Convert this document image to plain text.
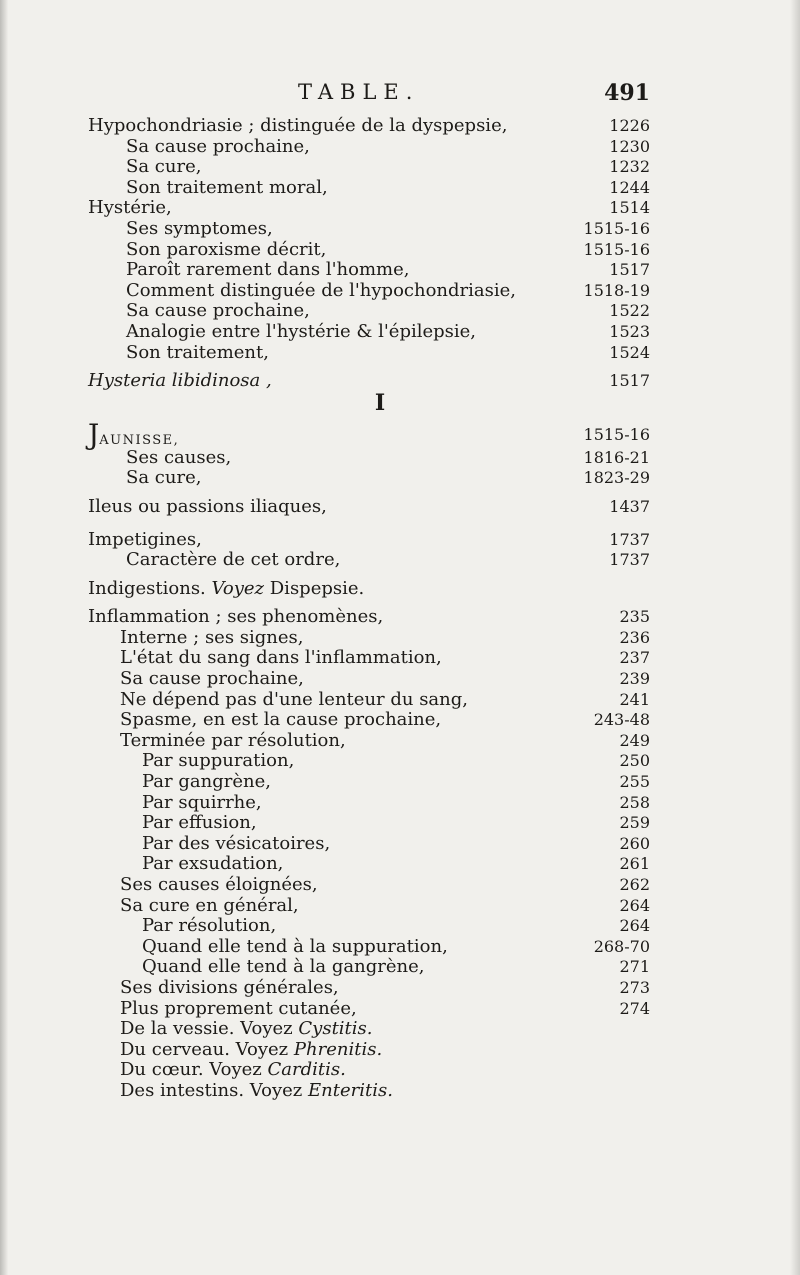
TABLE.	491
Hypochondriasie ; distinguée de la dyspepsie,	1226
Sa cause prochaine,	1230
Sa cure,	1232
Son traitement moral,	1244
Hystérie,	1514
Ses symptomes,	1515-16
Son paroxisme décrit,	1515-16
Paroît rarement dans l'homme,	1517
Comment distinguée de l'hypochondriasie,	1518-19
Sa cause prochaine,	1522
Analogie entre l'hystérie & l'épilepsie,	1523
Son traitement,	1524
Hysteria libidinosa ,	1517
I
JAUNISSE,	1515-16
Ses causes,	1816-21
Sa cure,	1823-29
Ileus ou passions iliaques,	1437
Impetigines,	1737
Caractère de cet ordre,	1737
Indigestions. Voyez Dispepsie.
Inflammation ; ses phenomènes,	235
Interne ; ses signes,	236
L'état du sang dans l'inflammation,	237
Sa cause prochaine,	239
Ne dépend pas d'une lenteur du sang,	241
Spasme, en est la cause prochaine,	243-48
Terminée par résolution,	249
Par suppuration,	250
Par gangrène,	255
Par squirrhe,	258
Par effusion,	259
Par des vésicatoires,	260
Par exsudation,	261
Ses causes éloignées,	262
Sa cure en général,	264
Par résolution,	264
Quand elle tend à la suppuration,	268-70
Quand elle tend à la gangrène,	271
Ses divisions générales,	273
Plus proprement cutanée,	274
De la vessie. Voyez Cystitis.
Du cerveau. Voyez Phrenitis.
Du cœur. Voyez Carditis.
Des intestins. Voyez Enteritis.
